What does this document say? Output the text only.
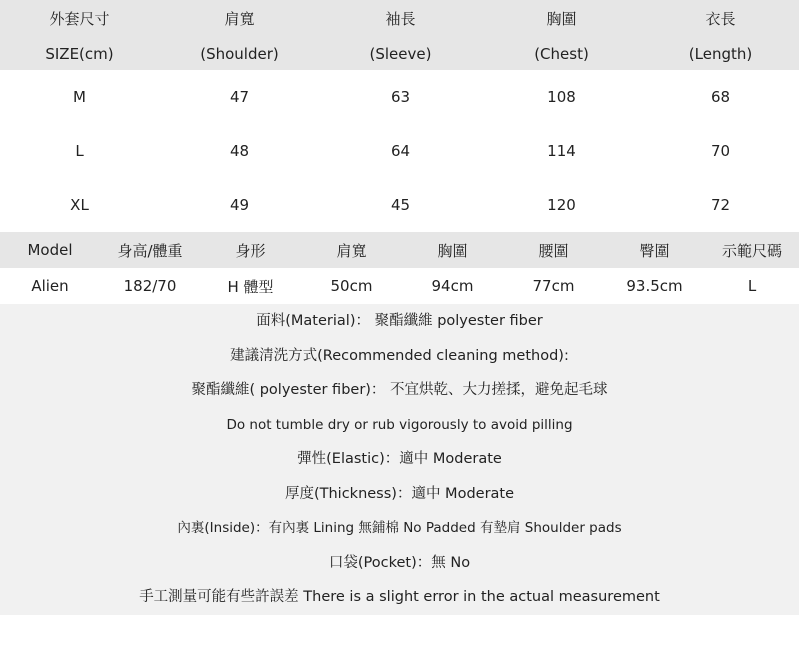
外套尺寸	肩寬	袖長	胸圍	衣長
SIZE(cm)	(Shoulder)	(Sleeve)	(Chest)	(Length)
M	47	63	108	68
L	48	64	114	70
XL	49	45	120	72
Model	身高/體重	身形	肩寬	胸圍	腰圍	臀圍	示範尺碼
Alien	182/70	H 體型	50cm	94cm	77cm	93.5cm	L
面料(Material)： 聚酯纖維 polyester fiber
建議清洗方式(Recommended cleaning method):
聚酯纖維( polyester fiber)： 不宜烘乾、大力搓揉，避免起毛球
Do not tumble dry or rub vigorously to avoid pilling
彈性(Elastic)：適中 Moderate
厚度(Thickness)：適中 Moderate
內裏(Inside)：有內裏 Lining 無鋪棉 No Padded 有墊肩 Shoulder pads
口袋(Pocket)：無 No
手工測量可能有些許誤差 There is a slight error in the actual measurement
